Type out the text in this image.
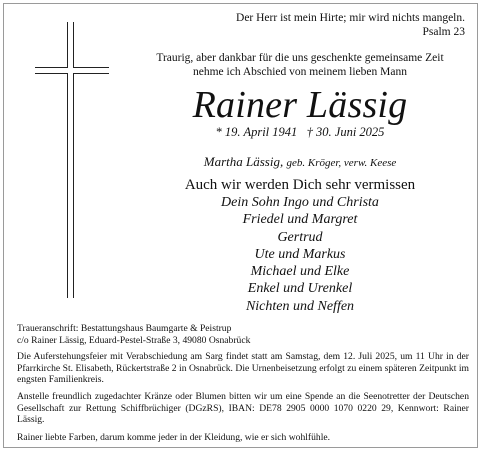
Der Herr ist mein Hirte; mir wird nichts mangeln.
Psalm 23
Traurig, aber dankbar für die uns geschenkte gemeinsame Zeit
nehme ich Abschied von meinem lieben Mann
Rainer Lässig
* 19. April 1941 † 30. Juni 2025
Martha Lässig, geb. Kröger, verw. Keese
Auch wir werden Dich sehr vermissen
Dein Sohn Ingo und Christa
Friedel und Margret
Gertrud
Ute und Markus
Michael und Elke
Enkel und Urenkel
Nichten und Neffen
Traueranschrift: Bestattungshaus Baumgarte & Peistrup
c/o Rainer Lässig, Eduard-Pestel-Straße 3, 49080 Osnabrück
Die Auferstehungsfeier mit Verabschiedung am Sarg findet statt am Samstag, dem 12. Juli 2025, um 11 Uhr in der Pfarrkirche St. Elisabeth, Rückertstraße 2 in Osnabrück. Die Urnenbeisetzung erfolgt zu einem späteren Zeitpunkt im engsten Familienkreis.
Anstelle freundlich zugedachter Kränze oder Blumen bitten wir um eine Spende an die Seenotretter der Deutschen Gesellschaft zur Rettung Schiffbrüchiger (DGzRS), IBAN: DE78 2905 0000 1070 0220 29, Kennwort: Rainer Lässig.
Rainer liebte Farben, darum komme jeder in der Kleidung, wie er sich wohlfühle.
